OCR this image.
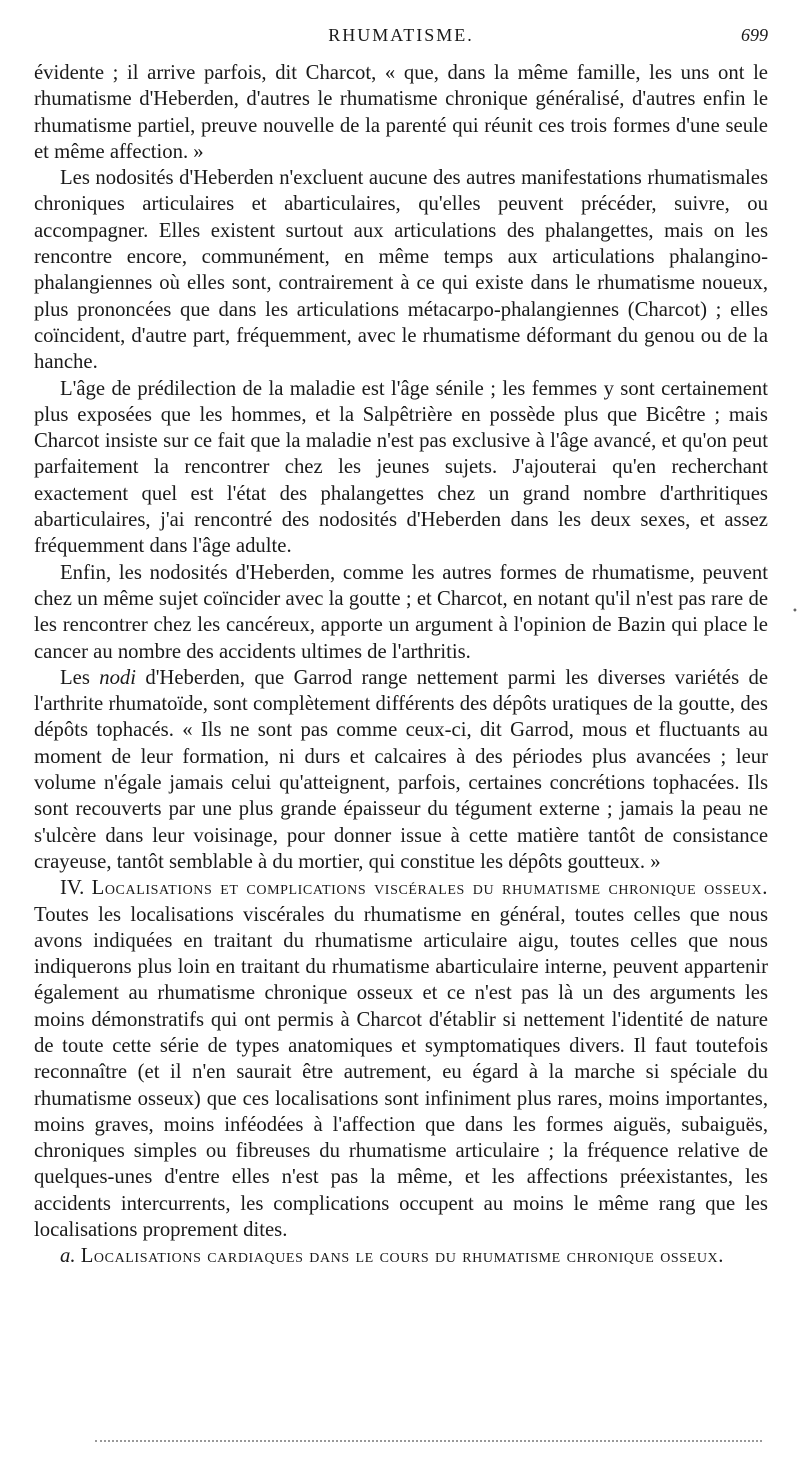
RHUMATISME.	699

évidente ; il arrive parfois, dit Charcot, « que, dans la même famille, les uns ont le rhumatisme d'Heberden, d'autres le rhumatisme chronique généralisé, d'autres enfin le rhumatisme partiel, preuve nouvelle de la parenté qui réunit ces trois formes d'une seule et même affection. »

Les nodosités d'Heberden n'excluent aucune des autres manifestations rhumatismales chroniques articulaires et abarticulaires, qu'elles peuvent précéder, suivre, ou accompagner. Elles existent surtout aux articulations des phalangettes, mais on les rencontre encore, communément, en même temps aux articulations phalangino-phalangiennes où elles sont, contrairement à ce qui existe dans le rhumatisme noueux, plus prononcées que dans les articulations métacarpo-phalangiennes (Charcot) ; elles coïncident, d'autre part, fréquemment, avec le rhumatisme déformant du genou ou de la hanche.

L'âge de prédilection de la maladie est l'âge sénile ; les femmes y sont certainement plus exposées que les hommes, et la Salpêtrière en possède plus que Bicêtre ; mais Charcot insiste sur ce fait que la maladie n'est pas exclusive à l'âge avancé, et qu'on peut parfaitement la rencontrer chez les jeunes sujets. J'ajouterai qu'en recherchant exactement quel est l'état des phalangettes chez un grand nombre d'arthritiques abarticulaires, j'ai rencontré des nodosités d'Heberden dans les deux sexes, et assez fréquemment dans l'âge adulte.

Enfin, les nodosités d'Heberden, comme les autres formes de rhumatisme, peuvent chez un même sujet coïncider avec la goutte ; et Charcot, en notant qu'il n'est pas rare de les rencontrer chez les cancéreux, apporte un argument à l'opinion de Bazin qui place le cancer au nombre des accidents ultimes de l'arthritis.

Les nodi d'Heberden, que Garrod range nettement parmi les diverses variétés de l'arthrite rhumatoïde, sont complètement différents des dépôts uratiques de la goutte, des dépôts tophacés. « Ils ne sont pas comme ceux-ci, dit Garrod, mous et fluctuants au moment de leur formation, ni durs et calcaires à des périodes plus avancées ; leur volume n'égale jamais celui qu'atteignent, parfois, certaines concrétions tophacées. Ils sont recouverts par une plus grande épaisseur du tégument externe ; jamais la peau ne s'ulcère dans leur voisinage, pour donner issue à cette matière tantôt de consistance crayeuse, tantôt semblable à du mortier, qui constitue les dépôts goutteux. »

IV. Localisations et complications viscérales du rhumatisme chronique osseux. Toutes les localisations viscérales du rhumatisme en général, toutes celles que nous avons indiquées en traitant du rhumatisme articulaire aigu, toutes celles que nous indiquerons plus loin en traitant du rhumatisme abarticulaire interne, peuvent appartenir également au rhumatisme chronique osseux et ce n'est pas là un des arguments les moins démonstratifs qui ont permis à Charcot d'établir si nettement l'identité de nature de toute cette série de types anatomiques et symptomatiques divers. Il faut toutefois reconnaître (et il n'en saurait être autrement, eu égard à la marche si spéciale du rhumatisme osseux) que ces localisations sont infiniment plus rares, moins importantes, moins graves, moins inféodées à l'affection que dans les formes aiguës, subaiguës, chroniques simples ou fibreuses du rhumatisme articulaire ; la fréquence relative de quelques-unes d'entre elles n'est pas la même, et les affections préexistantes, les accidents intercurrents, les complications occupent au moins le même rang que les localisations proprement dites.

a. Localisations cardiaques dans le cours du rhumatisme chronique osseux.

•
